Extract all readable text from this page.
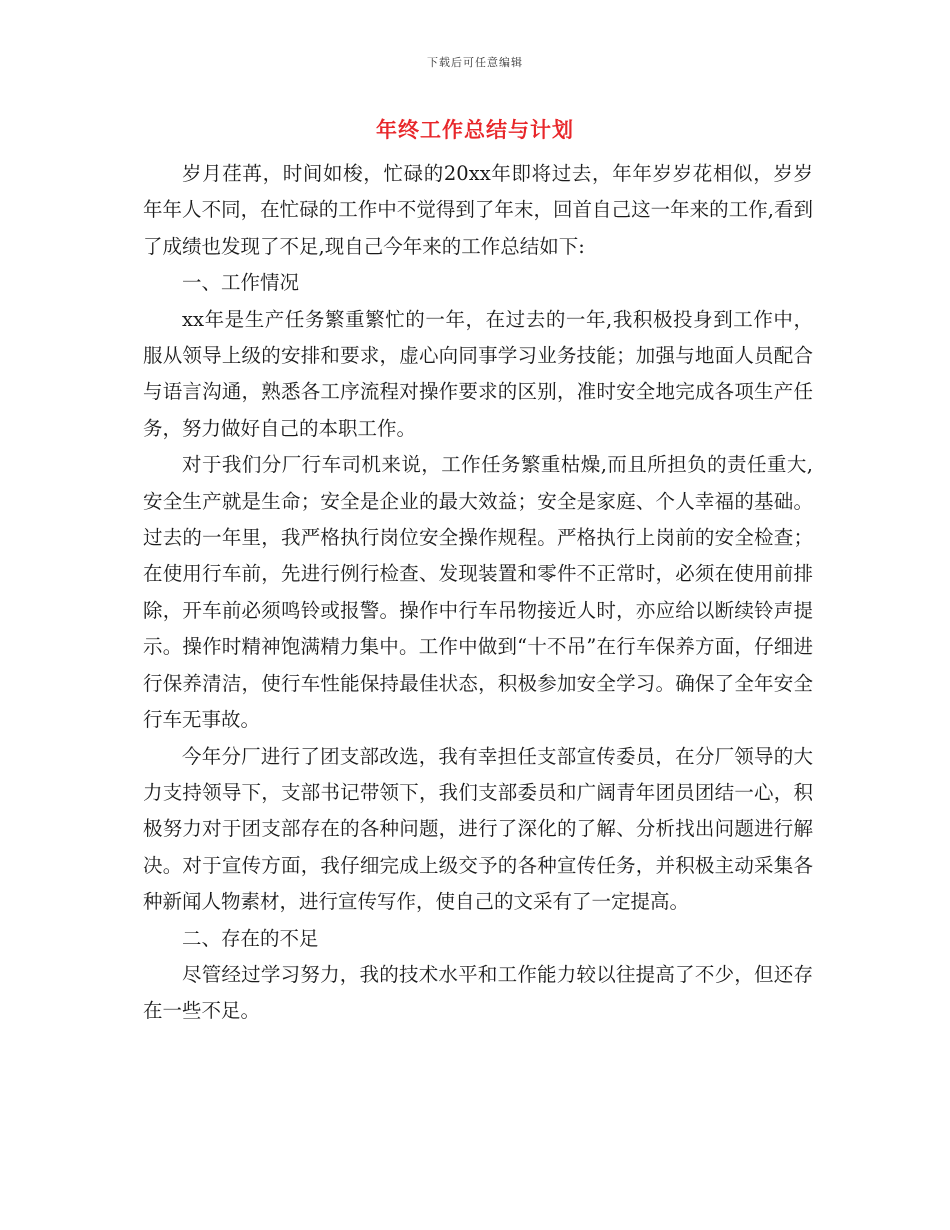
下载后可任意编辑
年终工作总结与计划

岁月荏苒，时间如梭，忙碌的20xx年即将过去，年年岁岁花相似，岁岁年年人不同，在忙碌的工作中不觉得到了年末，回首自己这一年来的工作,看到了成绩也发现了不足,现自己今年来的工作总结如下:

一、工作情况

xx年是生产任务繁重繁忙的一年，在过去的一年,我积极投身到工作中，服从领导上级的安排和要求，虚心向同事学习业务技能；加强与地面人员配合与语言沟通，熟悉各工序流程对操作要求的区别，准时安全地完成各项生产任务，努力做好自己的本职工作。

对于我们分厂行车司机来说，工作任务繁重枯燥,而且所担负的责任重大,安全生产就是生命；安全是企业的最大效益；安全是家庭、个人幸福的基础。过去的一年里，我严格执行岗位安全操作规程。严格执行上岗前的安全检查；在使用行车前，先进行例行检查、发现装置和零件不正常时，必须在使用前排除，开车前必须鸣铃或报警。操作中行车吊物接近人时，亦应给以断续铃声提示。操作时精神饱满精力集中。工作中做到“十不吊”在行车保养方面，仔细进行保养清洁，使行车性能保持最佳状态，积极参加安全学习。确保了全年安全行车无事故。

今年分厂进行了团支部改选，我有幸担任支部宣传委员，在分厂领导的大力支持领导下，支部书记带领下，我们支部委员和广阔青年团员团结一心，积极努力对于团支部存在的各种问题，进行了深化的了解、分析找出问题进行解决。对于宣传方面，我仔细完成上级交予的各种宣传任务，并积极主动采集各种新闻人物素材，进行宣传写作，使自己的文采有了一定提高。

二、存在的不足

尽管经过学习努力，我的技术水平和工作能力较以往提高了不少，但还存在一些不足。
